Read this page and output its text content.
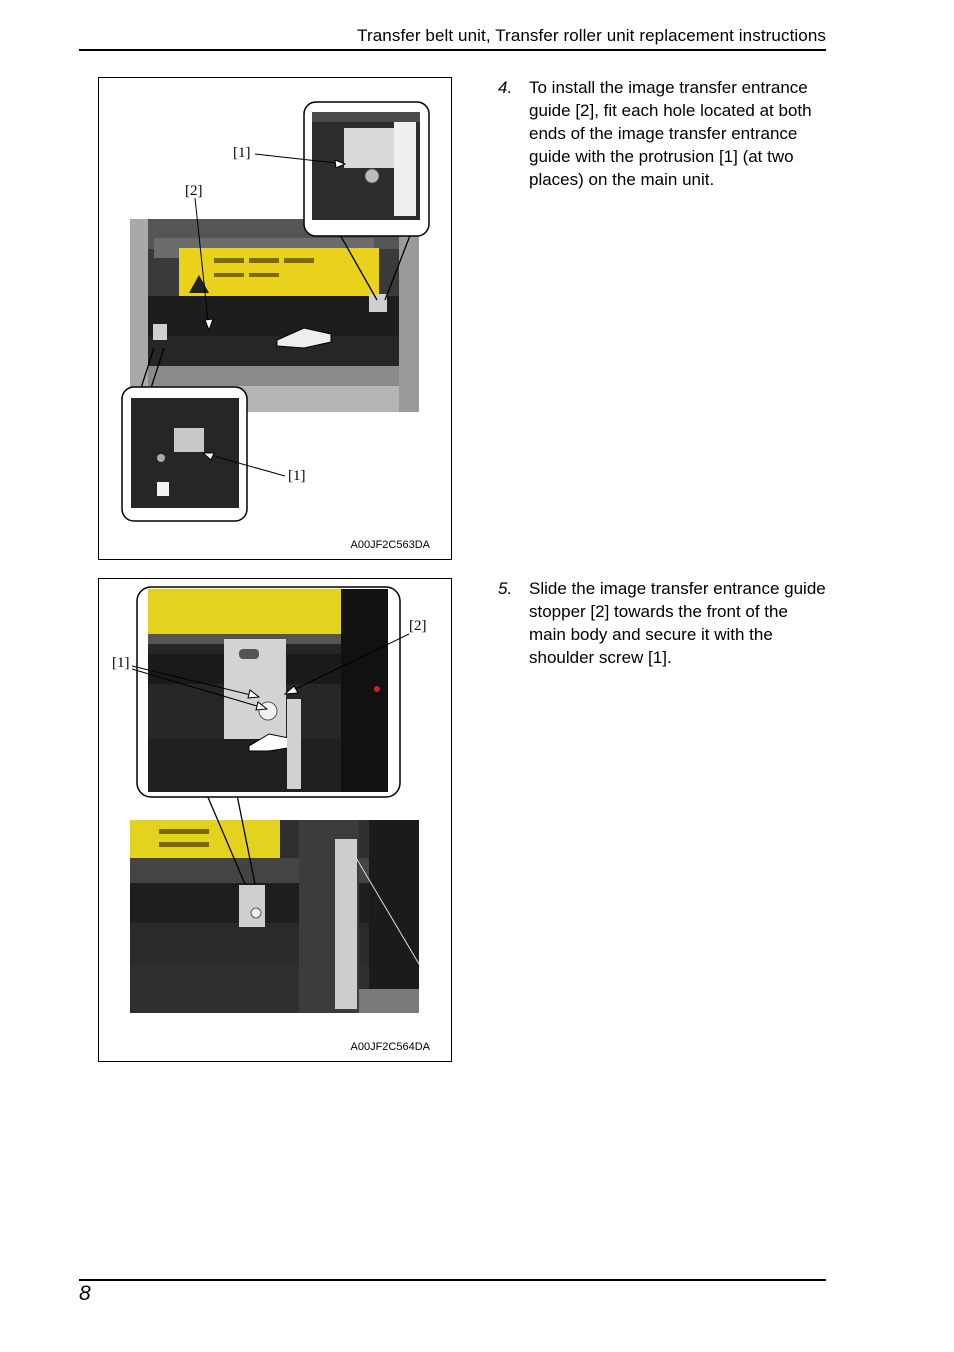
Transfer belt unit, Transfer roller unit replacement instructions
[1]
[2]
[1]
A00JF2C563DA
4. To install the image transfer entrance guide [2], fit each hole located at both ends of the image transfer entrance guide with the protrusion [1] (at two places) on the main unit.
[2]
[1]
A00JF2C564DA
5. Slide the image transfer entrance guide stopper [2] towards the front of the main body and secure it with the shoulder screw [1].
8
